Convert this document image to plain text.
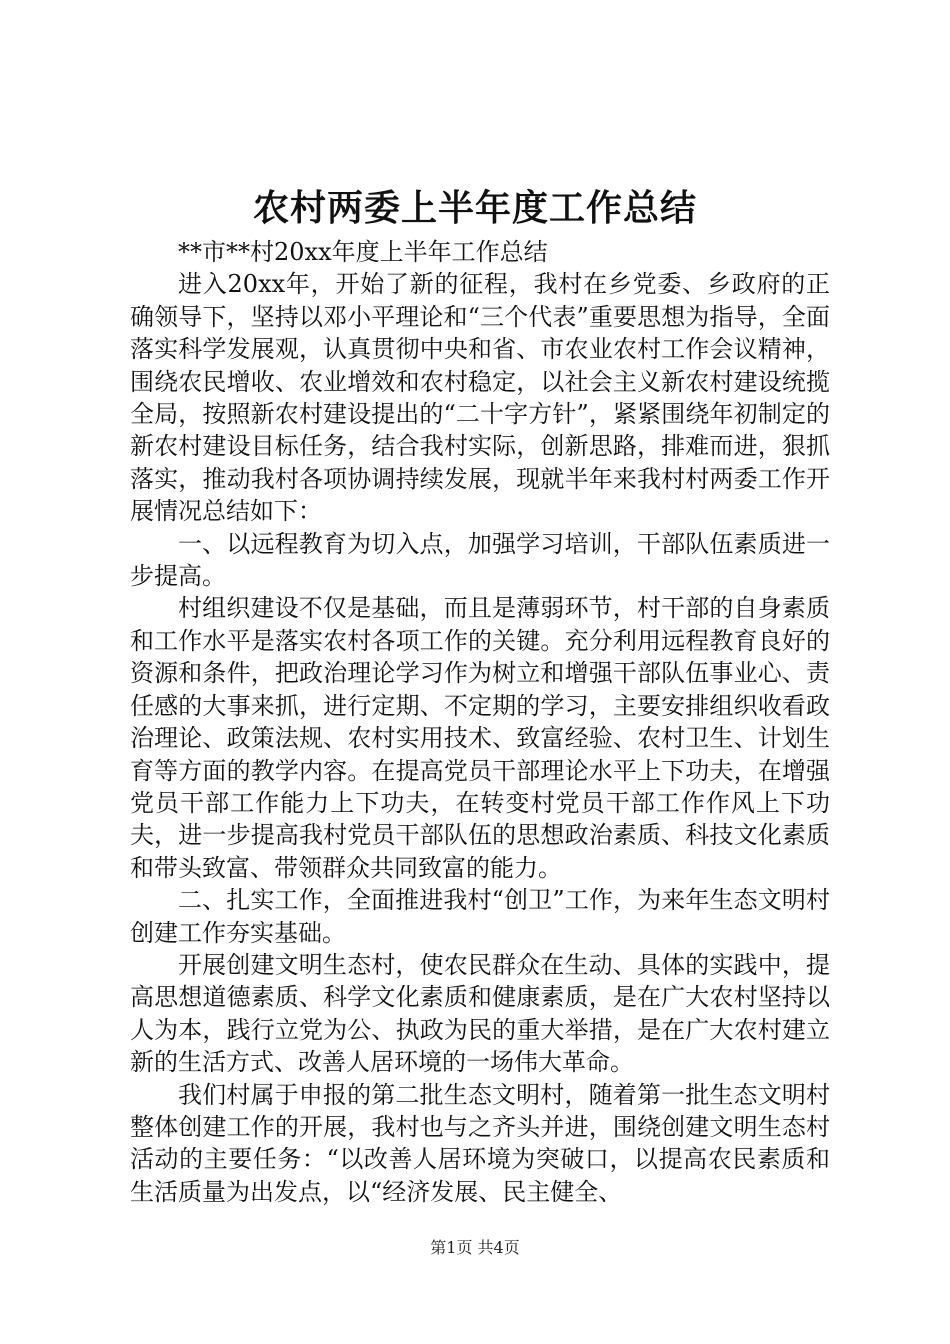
农村两委上半年度工作总结

**市**村20xx年度上半年工作总结

进入20xx年，开始了新的征程，我村在乡党委、乡政府的正确领导下，坚持以邓小平理论和“三个代表”重要思想为指导，全面落实科学发展观，认真贯彻中央和省、市农业农村工作会议精神，围绕农民增收、农业增效和农村稳定，以社会主义新农村建设统揽全局，按照新农村建设提出的“二十字方针”，紧紧围绕年初制定的新农村建设目标任务，结合我村实际，创新思路，排难而进，狠抓落实，推动我村各项协调持续发展，现就半年来我村村两委工作开展情况总结如下：

一、以远程教育为切入点，加强学习培训，干部队伍素质进一步提高。

村组织建设不仅是基础，而且是薄弱环节，村干部的自身素质和工作水平是落实农村各项工作的关键。充分利用远程教育良好的资源和条件，把政治理论学习作为树立和增强干部队伍事业心、责任感的大事来抓，进行定期、不定期的学习，主要安排组织收看政治理论、政策法规、农村实用技术、致富经验、农村卫生、计划生育等方面的教学内容。在提高党员干部理论水平上下功夫，在增强党员干部工作能力上下功夫，在转变村党员干部工作作风上下功夫，进一步提高我村党员干部队伍的思想政治素质、科技文化素质和带头致富、带领群众共同致富的能力。

二、扎实工作，全面推进我村“创卫”工作，为来年生态文明村创建工作夯实基础。

开展创建文明生态村，使农民群众在生动、具体的实践中，提高思想道德素质、科学文化素质和健康素质，是在广大农村坚持以人为本，践行立党为公、执政为民的重大举措，是在广大农村建立新的生活方式、改善人居环境的一场伟大革命。

我们村属于申报的第二批生态文明村，随着第一批生态文明村整体创建工作的开展，我村也与之齐头并进，围绕创建文明生态村活动的主要任务：“以改善人居环境为突破口，以提高农民素质和生活质量为出发点，以“经济发展、民主健全、

第1页 共4页
